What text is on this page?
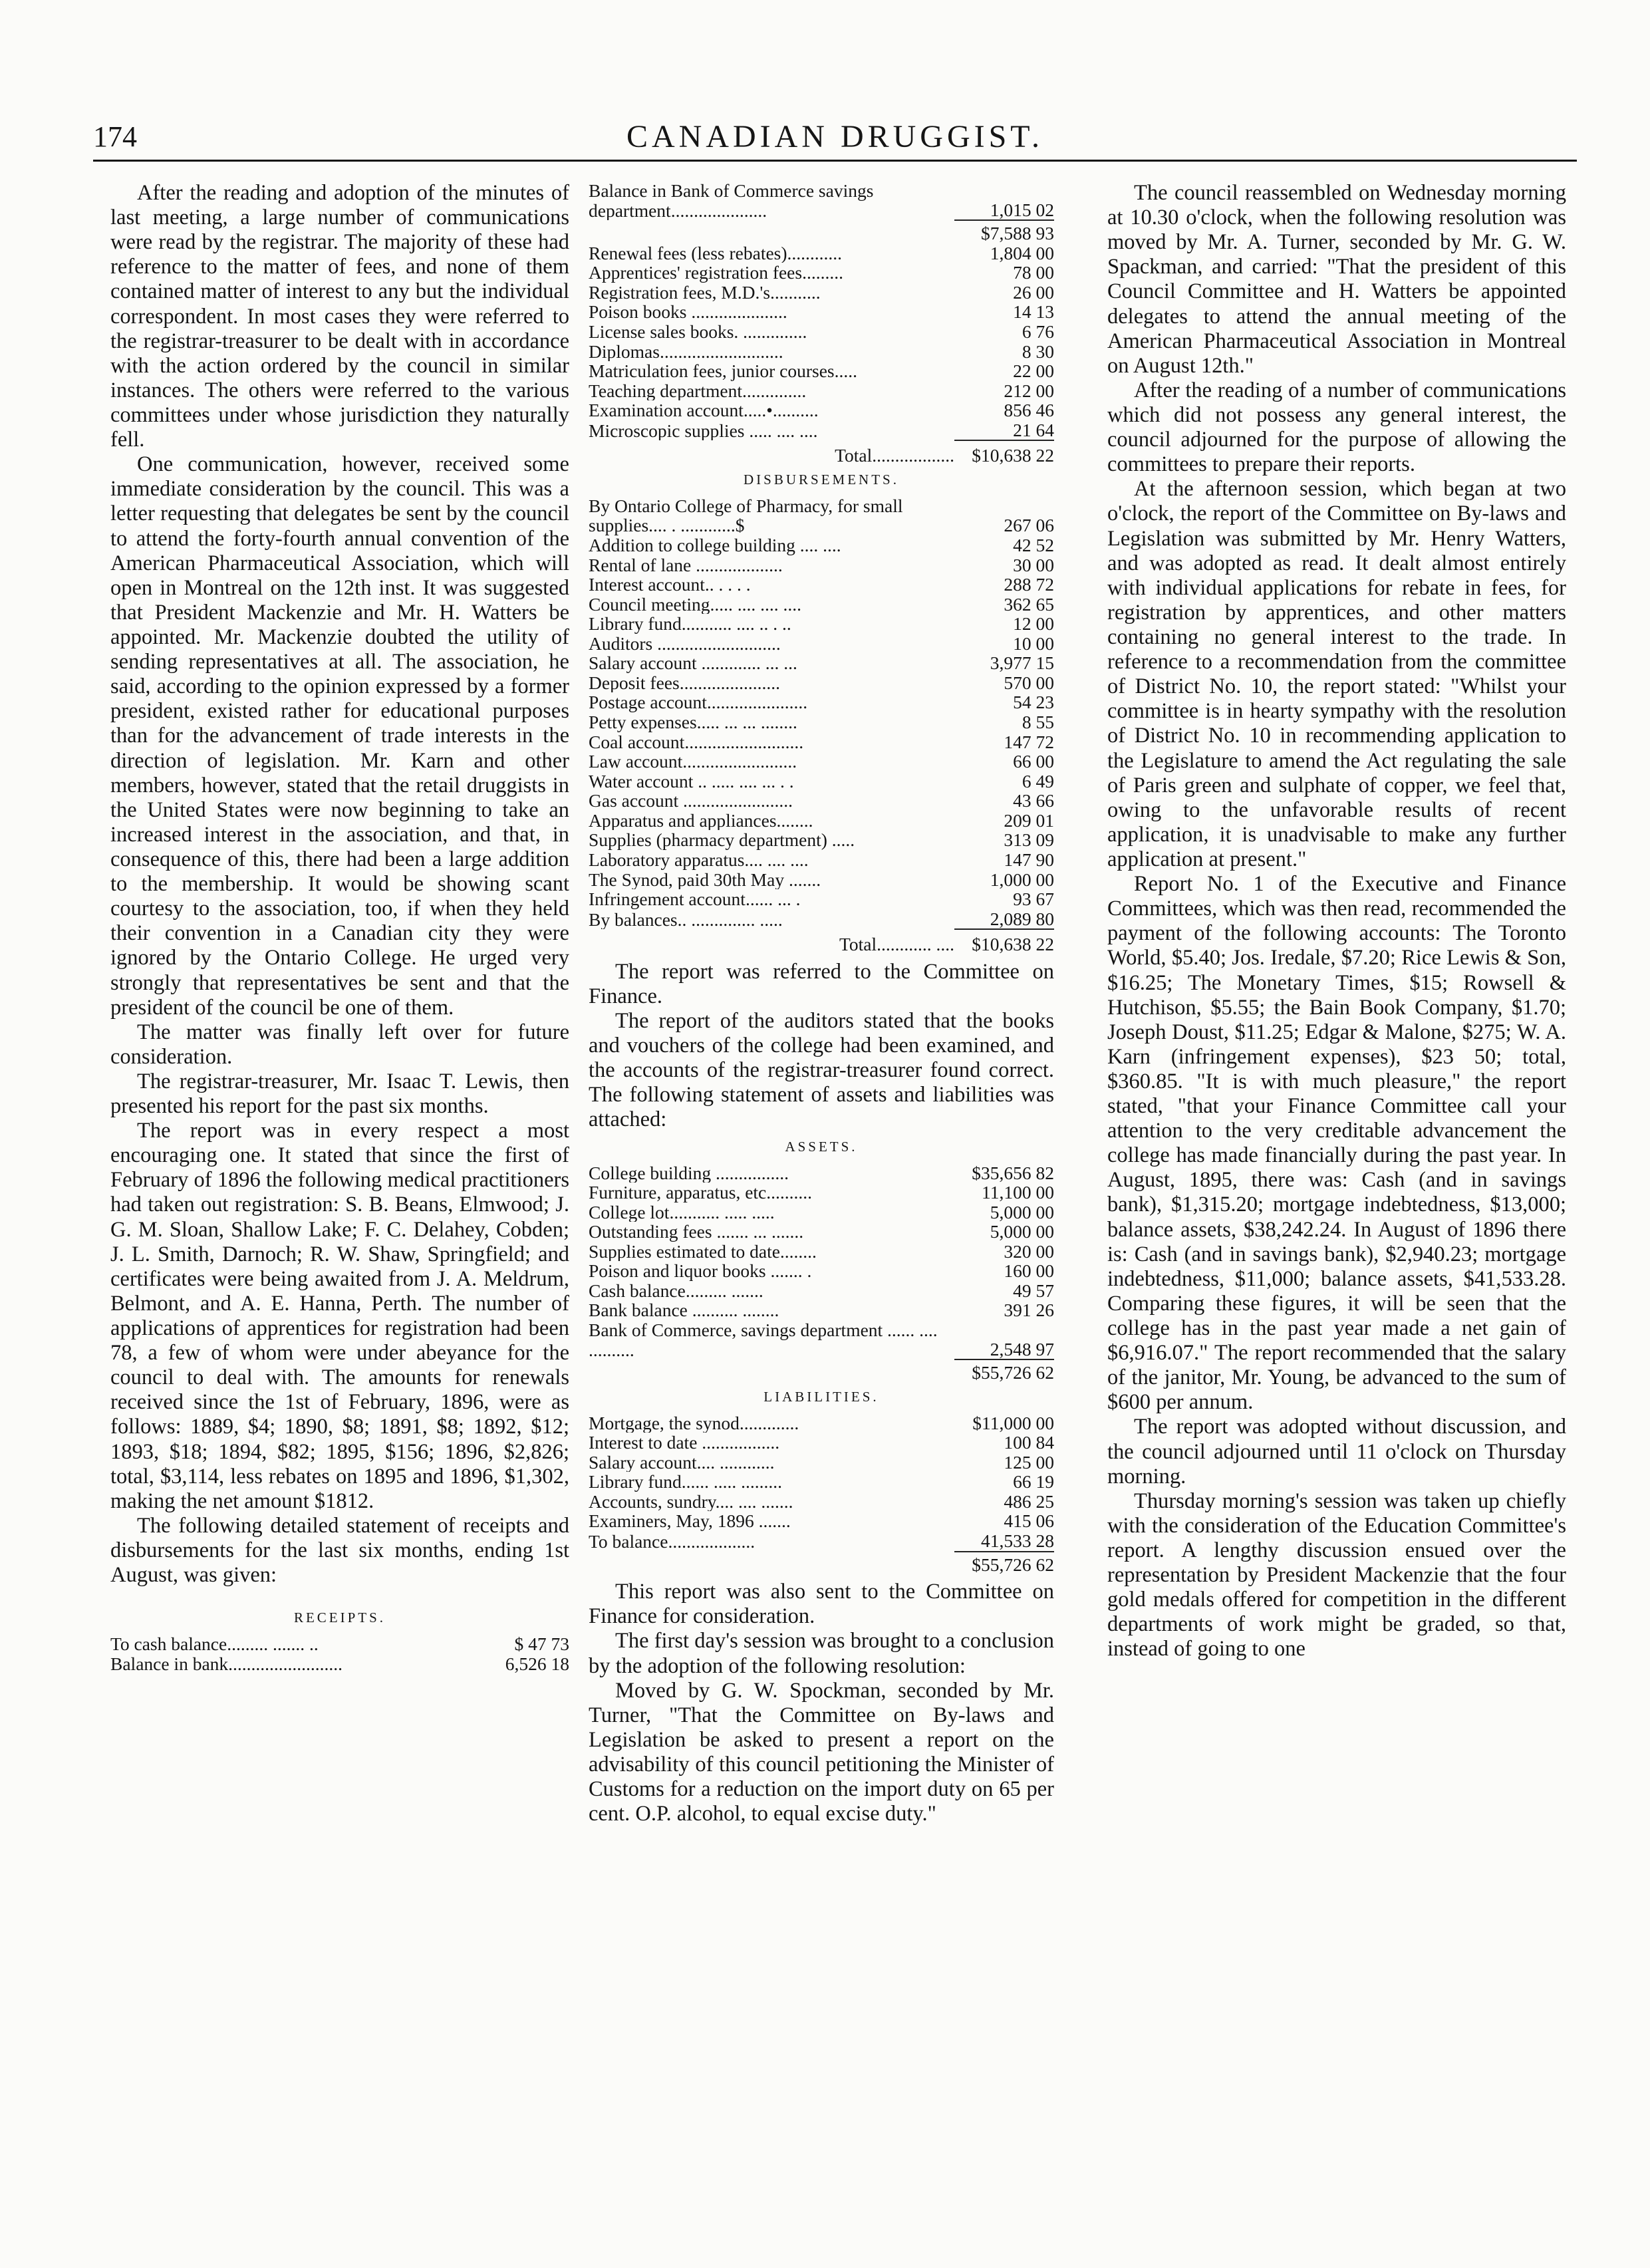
174	CANADIAN DRUGGIST.

After the reading and adoption of the minutes of last meeting, a large number of communications were read by the registrar. The majority of these had reference to the matter of fees, and none of them contained matter of interest to any but the individual correspondent. In most cases they were referred to the registrar-treasurer to be dealt with in accordance with the action ordered by the council in similar instances. The others were referred to the various committees under whose jurisdiction they naturally fell.

One communication, however, received some immediate consideration by the council. This was a letter requesting that delegates be sent by the council to attend the forty-fourth annual convention of the American Pharmaceutical Association, which will open in Montreal on the 12th inst. It was suggested that President Mackenzie and Mr. H. Watters be appointed. Mr. Mackenzie doubted the utility of sending representatives at all. The association, he said, according to the opinion expressed by a former president, existed rather for educational purposes than for the advancement of trade interests in the direction of legislation. Mr. Karn and other members, however, stated that the retail druggists in the United States were now beginning to take an increased interest in the association, and that, in consequence of this, there had been a large addition to the membership. It would be showing scant courtesy to the association, too, if when they held their convention in a Canadian city they were ignored by the Ontario College. He urged very strongly that representatives be sent and that the president of the council be one of them.

The matter was finally left over for future consideration.

The registrar-treasurer, Mr. Isaac T. Lewis, then presented his report for the past six months.

The report was in every respect a most encouraging one. It stated that since the first of February of 1896 the following medical practitioners had taken out registration: S. B. Beans, Elmwood; J. G. M. Sloan, Shallow Lake; F. C. Delahey, Cobden; J. L. Smith, Darnoch; R. W. Shaw, Springfield; and certificates were being awaited from J. A. Meldrum, Belmont, and A. E. Hanna, Perth. The number of applications of apprentices for registration had been 78, a few of whom were under abeyance for the council to deal with. The amounts for renewals received since the 1st of February, 1896, were as follows: 1889, $4; 1890, $8; 1891, $8; 1892, $12; 1893, $18; 1894, $82; 1895, $156; 1896, $2,826; total, $3,114, less rebates on 1895 and 1896, $1,302, making the net amount $1812.

The following detailed statement of receipts and disbursements for the last six months, ending 1st August, was given:

RECEIPTS.
To cash balance......... ....... ..	$ 47 73
Balance in bank.........................	6,526 18
Balance in Bank of Commerce savings department.....................	1,015 02
	$7,588 93
Renewal fees (less rebates)............	1,804 00
Apprentices' registration fees.........	78 00
Registration fees, M.D.'s...........	26 00
Poison books .....................	14 13
License sales books. ..............	6 76
Diplomas...........................	8 30
Matriculation fees, junior courses.....	22 00
Teaching department..............	212 00
Examination account.....•..........	856 46
Microscopic supplies ..... .... ....	21 64
Total..................	$10,638 22
DISBURSEMENTS.
By Ontario College of Pharmacy, for small supplies.... . ............$	267 06
Addition to college building .... ....	42 52
Rental of lane ...................	30 00
Interest account.. . . . .	288 72
Council meeting..... .... .... ....	362 65
Library fund........... .... .. . ..	12 00
Auditors ...........................	10 00
Salary account ............. ... ...	3,977 15
Deposit fees......................	570 00
Postage account......................	54 23
Petty expenses..... ... ... ........	8 55
Coal account..........................	147 72
Law account.........................	66 00
Water account .. ..... .... ... . .	6 49
Gas account ........................	43 66
Apparatus and appliances........	209 01
Supplies (pharmacy department) .....	313 09
Laboratory apparatus.... .... ....	147 90
The Synod, paid 30th May .......	1,000 00
Infringement account...... ... .	93 67
By balances.. .............. .....	2,089 80
Total............ ....	$10,638 22

The report was referred to the Committee on Finance.

The report of the auditors stated that the books and vouchers of the college had been examined, and the accounts of the registrar-treasurer found correct. The following statement of assets and liabilities was attached:

ASSETS.
College building ................	$35,656 82
Furniture, apparatus, etc..........	11,100 00
College lot........... ..... .....	5,000 00
Outstanding fees ....... ... .......	5,000 00
Supplies estimated to date........	320 00
Poison and liquor books ....... .	160 00
Cash balance......... .......	49 57
Bank balance .......... ........	391 26
Bank of Commerce, savings department ...... .... ..........	2,548 97
	$55,726 62
LIABILITIES.
Mortgage, the synod.............	$11,000 00
Interest to date .................	100 84
Salary account.... ............	125 00
Library fund...... ..... .........	66 19
Accounts, sundry.... .... .......	486 25
Examiners, May, 1896 .......	415 06
To balance...................	41,533 28
	$55,726 62

This report was also sent to the Committee on Finance for consideration.

The first day's session was brought to a conclusion by the adoption of the following resolution:

Moved by G. W. Spockman, seconded by Mr. Turner, "That the Committee on By-laws and Legislation be asked to present a report on the advisability of this council petitioning the Minister of Customs for a reduction on the import duty on 65 per cent. O.P. alcohol, to equal excise duty."

The council reassembled on Wednesday morning at 10.30 o'clock, when the following resolution was moved by Mr. A. Turner, seconded by Mr. G. W. Spackman, and carried: "That the president of this Council Committee and H. Watters be appointed delegates to attend the annual meeting of the American Pharmaceutical Association in Montreal on August 12th."

After the reading of a number of communications which did not possess any general interest, the council adjourned for the purpose of allowing the committees to prepare their reports.

At the afternoon session, which began at two o'clock, the report of the Committee on By-laws and Legislation was submitted by Mr. Henry Watters, and was adopted as read. It dealt almost entirely with individual applications for rebate in fees, for registration by apprentices, and other matters containing no general interest to the trade. In reference to a recommendation from the committee of District No. 10, the report stated: "Whilst your committee is in hearty sympathy with the resolution of District No. 10 in recommending application to the Legislature to amend the Act regulating the sale of Paris green and sulphate of copper, we feel that, owing to the unfavorable results of recent application, it is unadvisable to make any further application at present."

Report No. 1 of the Executive and Finance Committees, which was then read, recommended the payment of the following accounts: The Toronto World, $5.40; Jos. Iredale, $7.20; Rice Lewis & Son, $16.25; The Monetary Times, $15; Rowsell & Hutchison, $5.55; the Bain Book Company, $1.70; Joseph Doust, $11.25; Edgar & Malone, $275; W. A. Karn (infringement expenses), $23 50; total, $360.85. "It is with much pleasure," the report stated, "that your Finance Committee call your attention to the very creditable advancement the college has made financially during the past year. In August, 1895, there was: Cash (and in savings bank), $1,315.20; mortgage indebtedness, $13,000; balance assets, $38,242.24. In August of 1896 there is: Cash (and in savings bank), $2,940.23; mortgage indebtedness, $11,000; balance assets, $41,533.28. Comparing these figures, it will be seen that the college has in the past year made a net gain of $6,916.07." The report recommended that the salary of the janitor, Mr. Young, be advanced to the sum of $600 per annum.

The report was adopted without discussion, and the council adjourned until 11 o'clock on Thursday morning.

Thursday morning's session was taken up chiefly with the consideration of the Education Committee's report. A lengthy discussion ensued over the representation by President Mackenzie that the four gold medals offered for competition in the different departments of work might be graded, so that, instead of going to one
